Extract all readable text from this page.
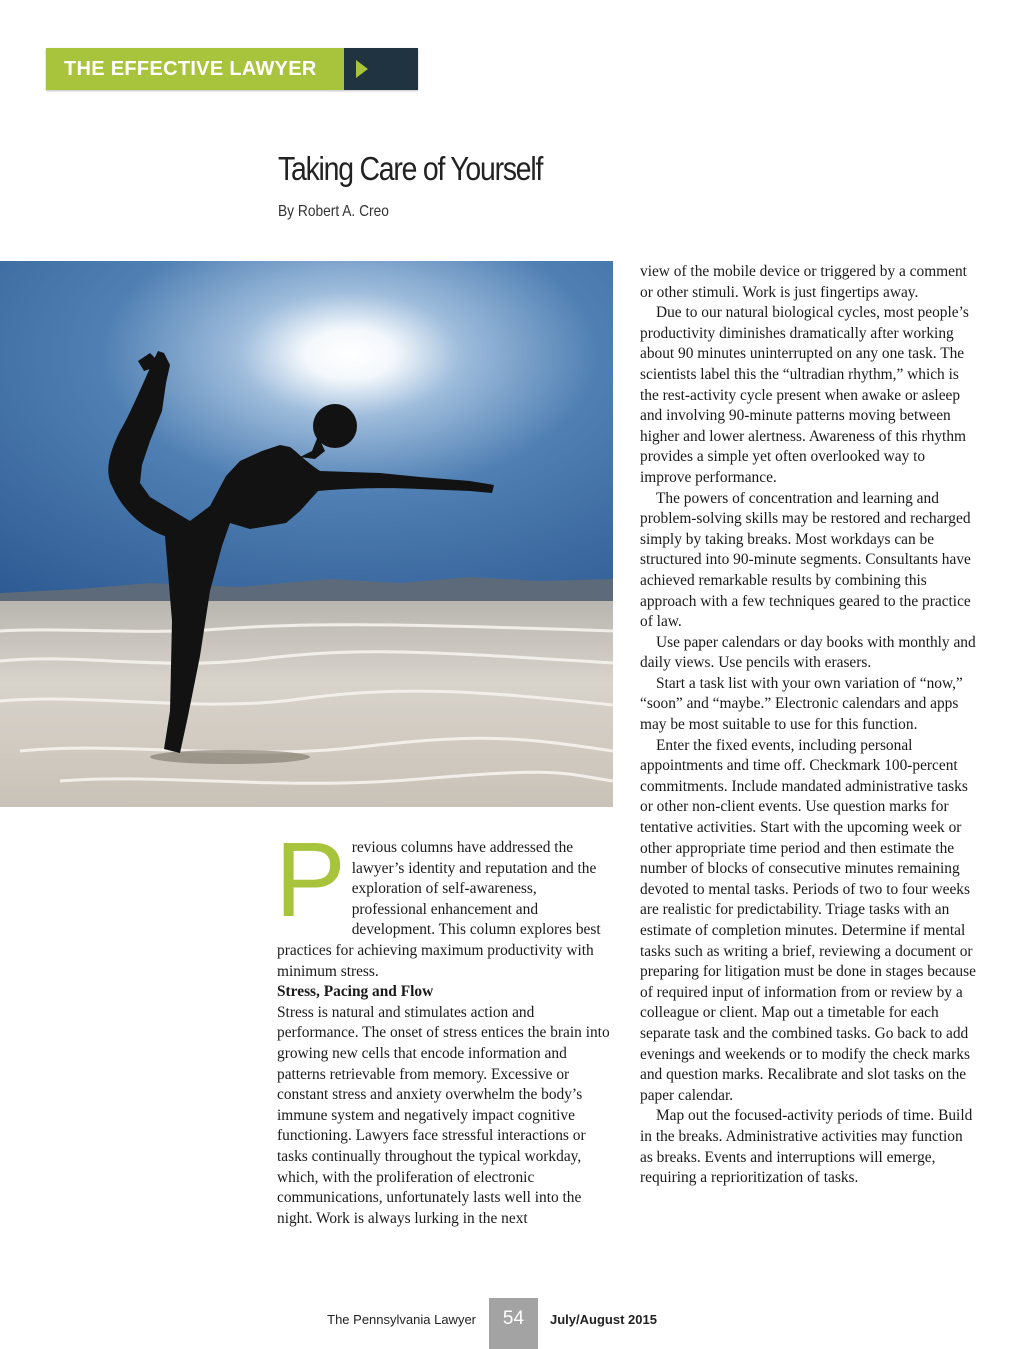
THE EFFECTIVE LAWYER
Taking Care of Yourself

By Robert A. Creo

view of the mobile device or triggered by a comment or other stimuli. Work is just fingertips away.

Due to our natural biological cycles, most people’s productivity diminishes dramatically after working about 90 minutes uninterrupted on any one task. The scientists label this the “ultradian rhythm,” which is the rest-activity cycle present when awake or asleep and involving 90-minute patterns moving between higher and lower alertness. Awareness of this rhythm provides a simple yet often overlooked way to improve performance.

The powers of concentration and learning and problem-solving skills may be restored and recharged simply by taking breaks. Most workdays can be structured into 90-minute segments. Consultants have achieved remarkable results by combining this approach with a few techniques geared to the practice of law.

Use paper calendars or day books with monthly and daily views. Use pencils with erasers.

Start a task list with your own variation of “now,” “soon” and “maybe.” Electronic calendars and apps may be most suitable to use for this function.

Enter the fixed events, including personal appointments and time off. Checkmark 100-percent commitments. Include mandated administrative tasks or other non-client events. Use question marks for tentative activities. Start with the upcoming week or other appropriate time period and then estimate the number of blocks of consecutive minutes remaining devoted to mental tasks. Periods of two to four weeks are realistic for predictability. Triage tasks with an estimate of completion minutes. Determine if mental tasks such as writing a brief, reviewing a document or preparing for litigation must be done in stages because of required input of information from or review by a colleague or client. Map out a timetable for each separate task and the combined tasks. Go back to add evenings and weekends or to modify the check marks and question marks. Recalibrate and slot tasks on the paper calendar.

Map out the focused-activity periods of time. Build in the breaks. Administrative activities may function as breaks. Events and interruptions will emerge, requiring a reprioritization of tasks.

Previous columns have addressed the lawyer’s identity and reputation and the exploration of self-awareness, professional enhancement and development. This column explores best practices for achieving maximum productivity with minimum stress.

Stress, Pacing and Flow

Stress is natural and stimulates action and performance. The onset of stress entices the brain into growing new cells that encode information and patterns retrievable from memory. Excessive or constant stress and anxiety overwhelm the body’s immune system and negatively impact cognitive functioning. Lawyers face stressful interactions or tasks continually throughout the typical workday, which, with the proliferation of electronic communications, unfortunately lasts well into the night. Work is always lurking in the next

The Pennsylvania Lawyer	54	July/August 2015
